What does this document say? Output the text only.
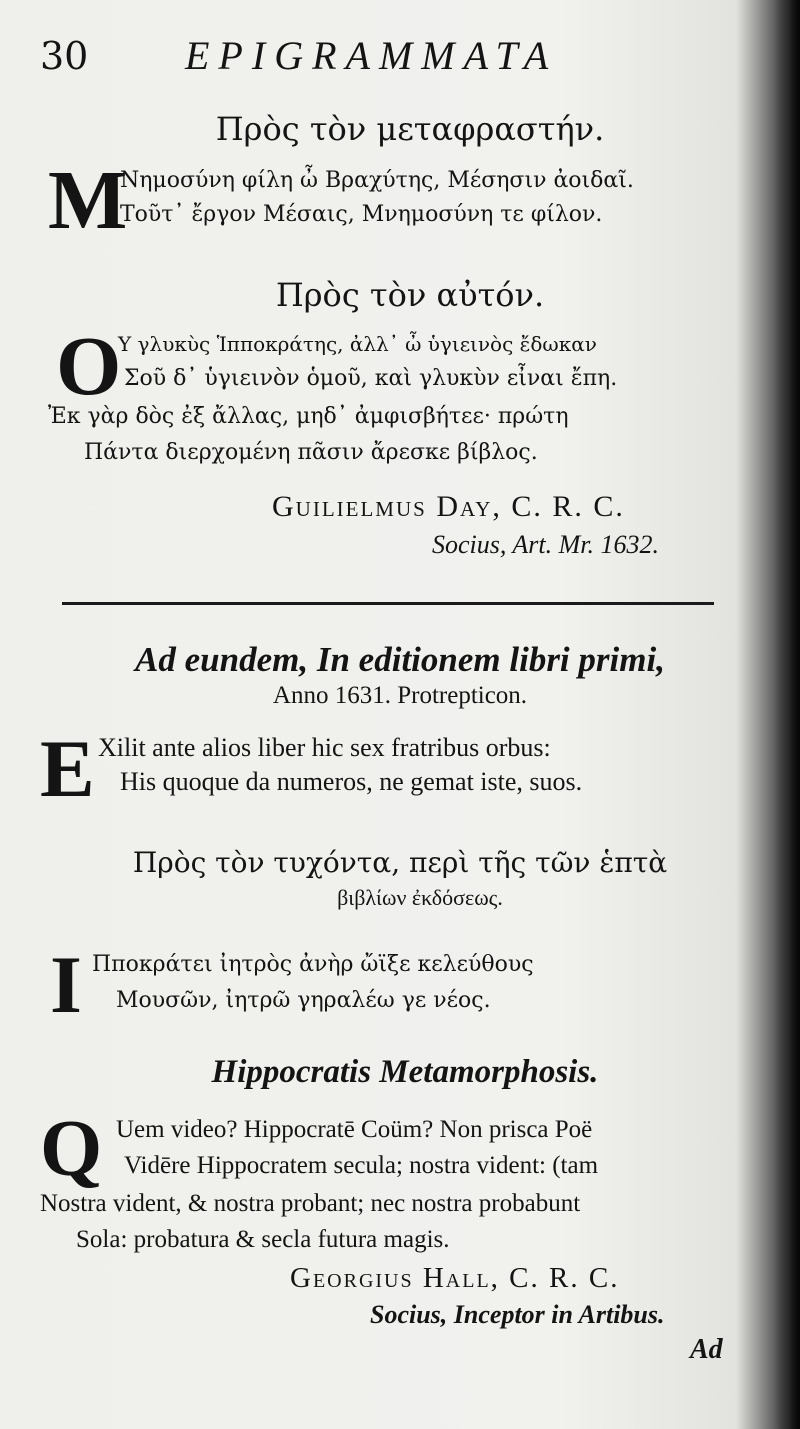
30 EPIGRAMMATA
Πρὸς τὸν μεταφραστήν.
M
Νημοσύνη φίλη ὦ Βραχύτης, Μέσησιν ἀοιδαῖ.
Τοῦτ᾽ ἔργον Μέσαις, Μνημοσύνη τε φίλον.
Πρὸς τὸν αὐτόν.
O
Υ γλυκὺς Ἱπποκράτης, ἀλλ᾽ ὦ ὑγιεινὸς ἔδωκαν
Σοῦ δ᾽ ὑγιεινὸν ὁμοῦ, καὶ γλυκὺν εἶναι ἔπη.
Ἐκ γὰρ δὸς ἐξ ἄλλας, μηδ᾽ ἀμφισβήτεε· πρώτη
Πάντα διερχομένη πᾶσιν ἄρεσκε βίβλος.
Guilielmus Day, C. R. C.
Socius, Art. Mr. 1632.
Ad eundem, In editionem libri primi,
Anno 1631. Protrepticon.
E Xilit ante alios liber hic sex fratribus orbus:
His quoque da numeros, ne gemat iste, suos.
Πρὸς τὸν τυχόντα, περὶ τῆς τῶν ἑπτὰ
βιβλίων ἐκδόσεως.
I Πποκράτει ἰητρὸς ἀνὴρ ὤϊξε κελεύθους
Μουσῶν, ἰητρῶ γηραλέω γε νέος.
Hippocratis Metamorphosis.
Q Uem video? Hippocratē Coüm? Non prisca Poë
Vidēre Hippocratem secula; nostra vident: (tam
Nostra vident, & nostra probant; nec nostra probabunt
Sola: probatura & secla futura magis.
Georgius Hall, C. R. C.
Socius, Inceptor in Artibus.
Ad
